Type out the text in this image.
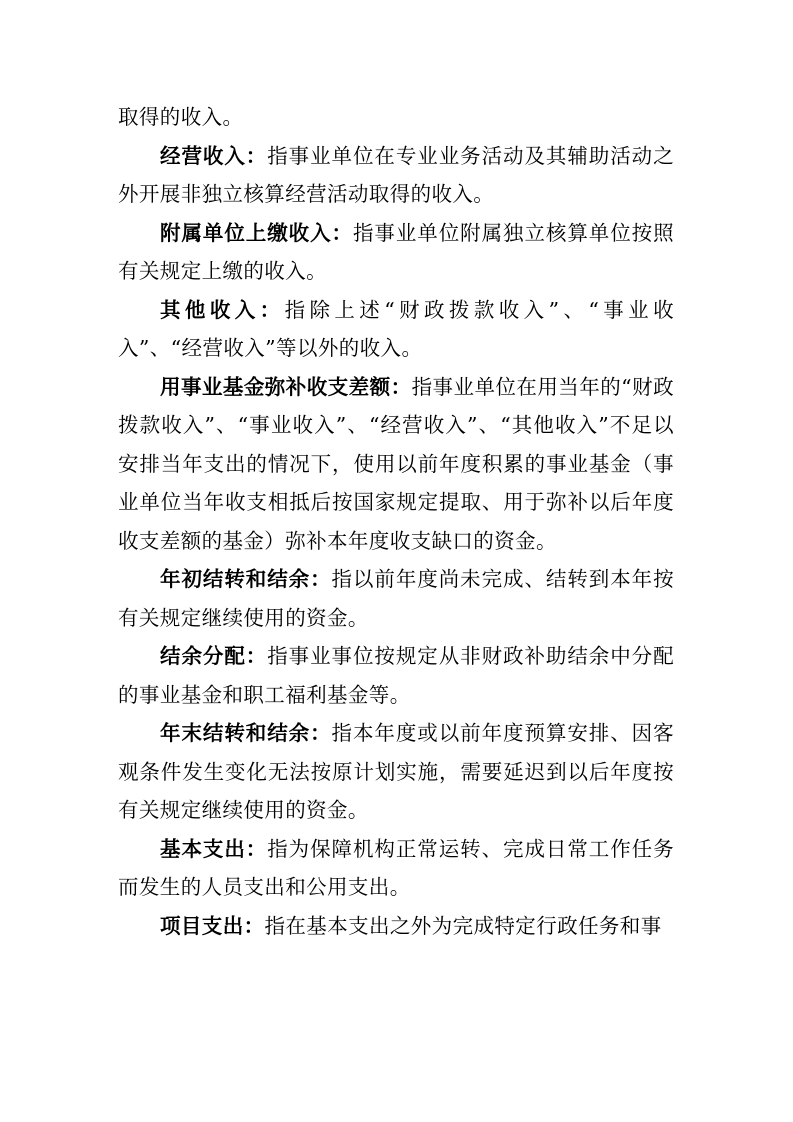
取得的收入。

经营收入：指事业单位在专业业务活动及其辅助活动之外开展非独立核算经营活动取得的收入。

附属单位上缴收入：指事业单位附属独立核算单位按照有关规定上缴的收入。

其他收入：指除上述“财政拨款收入”、“事业收入”、“经营收入”等以外的收入。

用事业基金弥补收支差额：指事业单位在用当年的“财政拨款收入”、“事业收入”、“经营收入”、“其他收入”不足以安排当年支出的情况下，使用以前年度积累的事业基金（事业单位当年收支相抵后按国家规定提取、用于弥补以后年度收支差额的基金）弥补本年度收支缺口的资金。

年初结转和结余：指以前年度尚未完成、结转到本年按有关规定继续使用的资金。

结余分配：指事业事位按规定从非财政补助结余中分配的事业基金和职工福利基金等。

年末结转和结余：指本年度或以前年度预算安排、因客观条件发生变化无法按原计划实施，需要延迟到以后年度按有关规定继续使用的资金。

基本支出：指为保障机构正常运转、完成日常工作任务而发生的人员支出和公用支出。

项目支出：指在基本支出之外为完成特定行政任务和事
